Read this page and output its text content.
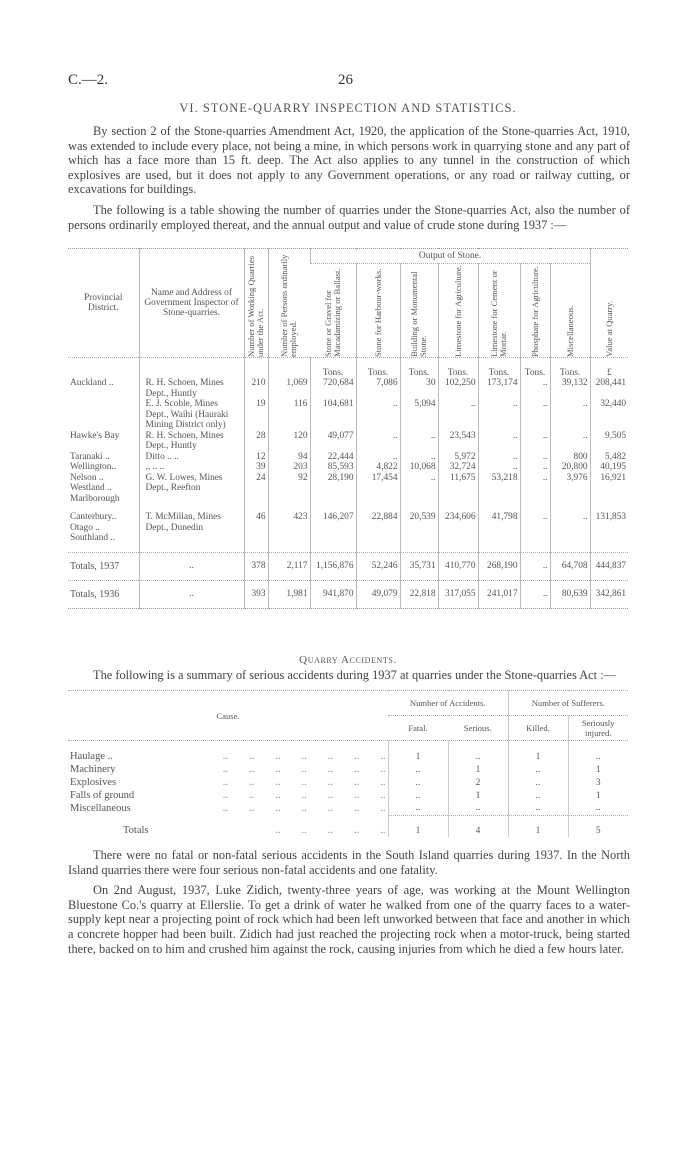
C.—2.	26
VI. STONE-QUARRY INSPECTION AND STATISTICS.

By section 2 of the Stone-quarries Amendment Act, 1920, the application of the Stone-quarries Act, 1910, was extended to include every place, not being a mine, in which persons work in quarrying stone and any part of which has a face more than 15 ft. deep. The Act also applies to any tunnel in the construction of which explosives are used, but it does not apply to any Government operations, or any road or railway cutting, or excavations for buildings.

The following is a table showing the number of quarries under the Stone-quarries Act, also the number of persons ordinarily employed thereat, and the annual output and value of crude stone during 1937 :—

Provincial District.	Name and Address of Government Inspector of Stone-quarries.	Number of Working Quarries under the Act.	Number of Persons ordinarily employed.	Output of Stone.							Value at Quarry.

				Stone or Gravel for Macadamizing or Ballast.	Stone for Harbour-works.	Building or Monumental Stone.	Limestone for Agriculture.	Limestone for Cement or Mortar.	Phosphate for Agriculture.	Miscellaneous.	

				Tons.	Tons.	Tons.	Tons.	Tons.	Tons.	Tons.	£
Auckland ..	R. H. Schoen, Mines Dept., Huntly	210	1,069	720,684	7,086	30	102,250	173,174	..	39,132	208,441
	E. J. Scoble, Mines Dept., Waihi (Hauraki Mining District only)	19	116	104,681	..	5,094	..	..	..	..	32,440
Hawke's Bay	R. H. Schoen, Mines Dept., Huntly	28	120	49,077	..	..	23,543	..	..	..	9,505
Taranaki ..	Ditto .. ..	12	94	22,444	..	..	5,972	..	..	800	5,482
Wellington..	,, .. ..	39	203	85,593	4,822	10,068	32,724	..	..	20,800	40,195
Nelson ..
Westland ..
Marlborough	G. W. Lowes, Mines Dept., Reefton	24	92	28,190	17,454	..	11,675	53,218	..	3,976	16,921
Canterbury..
Otago ..
Southland ..	T. McMillan, Mines Dept., Dunedin	46	423	146,207	22,884	20,539	234,606	41,798	..	..	131,853
Totals, 1937	..	378	2,117	1,156,876	52,246	35,731	410,770	268,190	..	64,708	444,837
Totals, 1936	..	393	1,981	941,870	49,079	22,818	317,055	241,017	..	80,639	342,861
Quarry Accidents.

The following is a summary of serious accidents during 1937 at quarries under the Stone-quarries Act :—

Cause.	Number of Accidents.		Number of Sufferers.	
	Fatal.	Serious.	Killed.	Seriously injured.
Haulage .. ..        ..        ..        ..        ..        ..        ..	1	..	1	..
Machinery ..        ..        ..        ..        ..        ..        ..	..	1	..	1
Explosives ..        ..        ..        ..        ..        ..        ..	..	2	..	3
Falls of ground ..        ..        ..        ..        ..        ..        ..	..	1	..	1
Miscellaneous ..        ..        ..        ..        ..        ..        ..	..	..	..	..
Totals ..        ..        ..        ..        ..	1	4	1	5

There were no fatal or non-fatal serious accidents in the South Island quarries during 1937. In the North Island quarries there were four serious non-fatal accidents and one fatality.

On 2nd August, 1937, Luke Zidich, twenty-three years of age, was working at the Mount Wellington Bluestone Co.'s quarry at Ellerslie. To get a drink of water he walked from one of the quarry faces to a water-supply kept near a projecting point of rock which had been left unworked between that face and another in which a concrete hopper had been built. Zidich had just reached the projecting rock when a motor-truck, being started there, backed on to him and crushed him against the rock, causing injuries from which he died a few hours later.
